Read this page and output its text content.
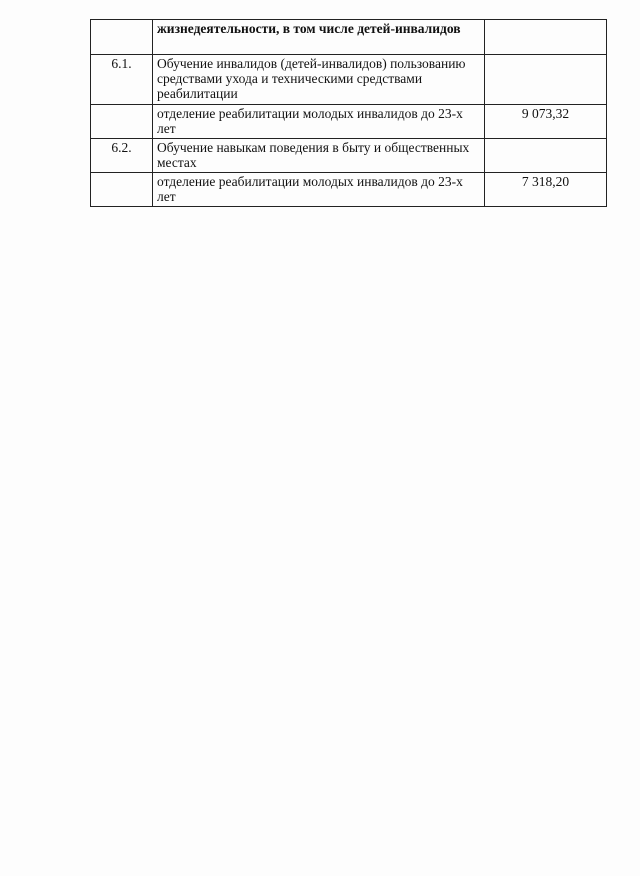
	жизнедеятельности, в том числе детей-инвалидов	
6.1.	Обучение инвалидов (детей-инвалидов) пользованию средствами ухода и техническими средствами реабилитации	
	отделение реабилитации молодых инвалидов до 23-х лет	9 073,32
6.2.	Обучение навыкам поведения в быту и общественных местах	
	отделение реабилитации молодых инвалидов до 23-х лет	7 318,20
